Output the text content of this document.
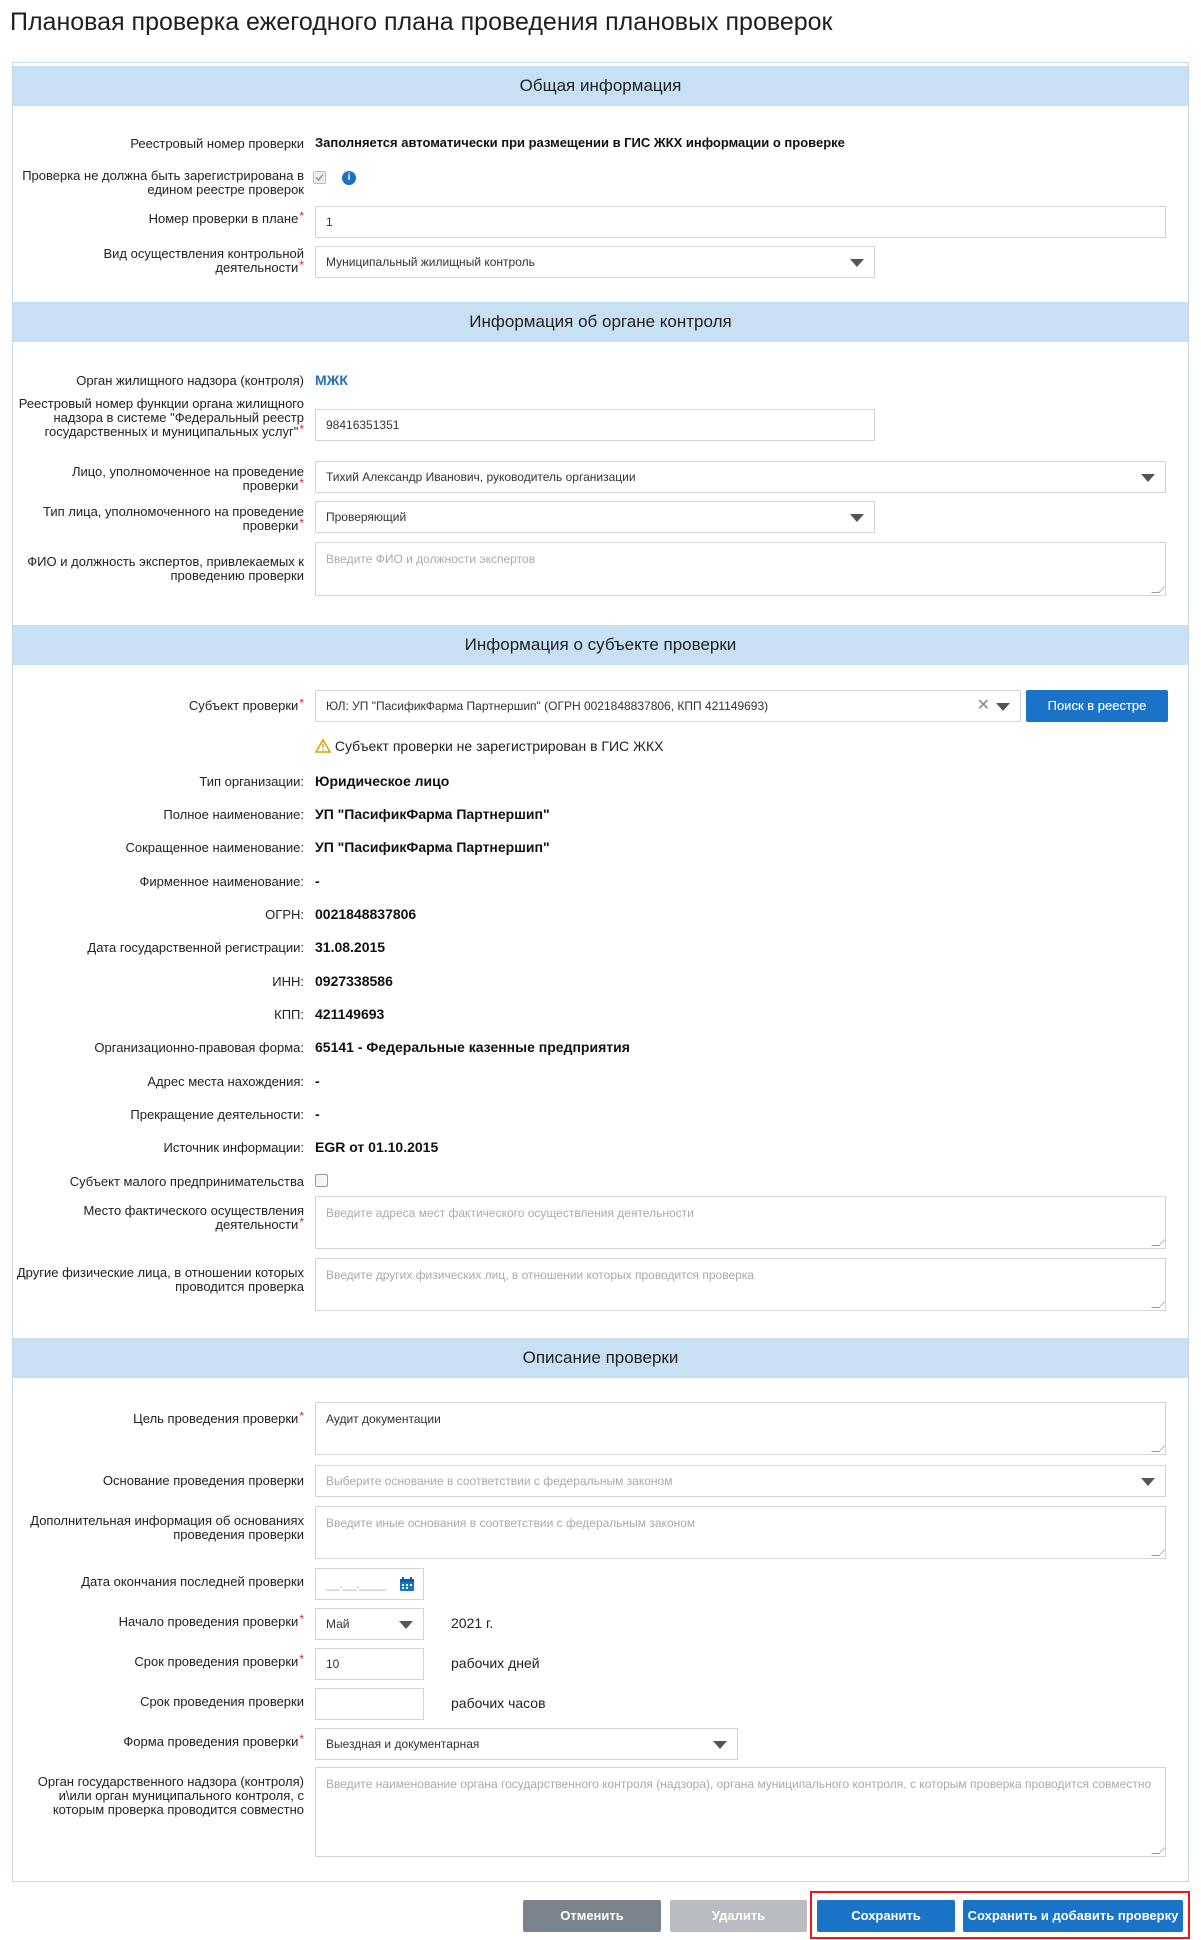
Плановая проверка ежегодного плана проведения плановых проверок
Общая информация
Реестровый номер проверки Заполняется автоматически при размещении в ГИС ЖКХ информации о проверке
Проверка не должна быть зарегистрирована в едином реестре проверок
i
Номер проверки в плане*	1
Вид осуществления контрольной деятельности*	Муниципальный жилищный контроль
Информация об органе контроля
Орган жилищного надзора (контроля) МЖК
Реестровый номер функции органа жилищного надзора в системе "Федеральный реестр государственных и муниципальных услуг"*	98416351351
Лицо, уполномоченное на проведение проверки*	Тихий Александр Иванович, руководитель организации
Тип лица, уполномоченного на проведение проверки*	Проверяющий
ФИО и должность экспертов, привлекаемых к проведению проверки
Введите ФИО и должности экспертов
Информация о субъекте проверки
Субъект проверки*	ЮЛ: УП "ПасификФарма Партнершип" (ОГРН 0021848837806, КПП 421149693)	✕	Поиск в реестре
Субъект проверки не зарегистрирован в ГИС ЖКХ
Тип организации: Юридическое лицо
Полное наименование: УП "ПасификФарма Партнершип"
Сокращенное наименование: УП "ПасификФарма Партнершип"
Фирменное наименование: -
ОГРН: 0021848837806
Дата государственной регистрации: 31.08.2015
ИНН: 0927338586
КПП: 421149693
Организационно-правовая форма: 65141 - Федеральные казенные предприятия
Адрес места нахождения: -
Прекращение деятельности: -
Источник информации: EGR от 01.10.2015
Субъект малого предпринимательства
Место фактического осуществления деятельности*
Введите адреса мест фактического осуществления деятельности
Другие физические лица, в отношении которых проводится проверка
Введите других физических лиц, в отношении которых проводится проверка
Описание проверки
Цель проведения проверки*	Аудит документации
Основание проведения проверки	Выберите основание в соответствии с федеральным законом
Дополнительная информация об основаниях проведения проверки
Введите иные основания в соответствии с федеральным законом
Дата окончания последней проверки	__.__.____
Начало проведения проверки*	Май	2021 г.
Срок проведения проверки*	10	рабочих дней
Срок проведения проверки	рабочих часов
Форма проведения проверки*	Выездная и документарная
Орган государственного надзора (контроля) и\или орган муниципального контроля, с которым проверка проводится совместно
Введите наименование органа государственного контроля (надзора), органа муниципального контроля, с которым проверка проводится совместно
Отменить	Удалить	Сохранить	Сохранить и добавить проверку
